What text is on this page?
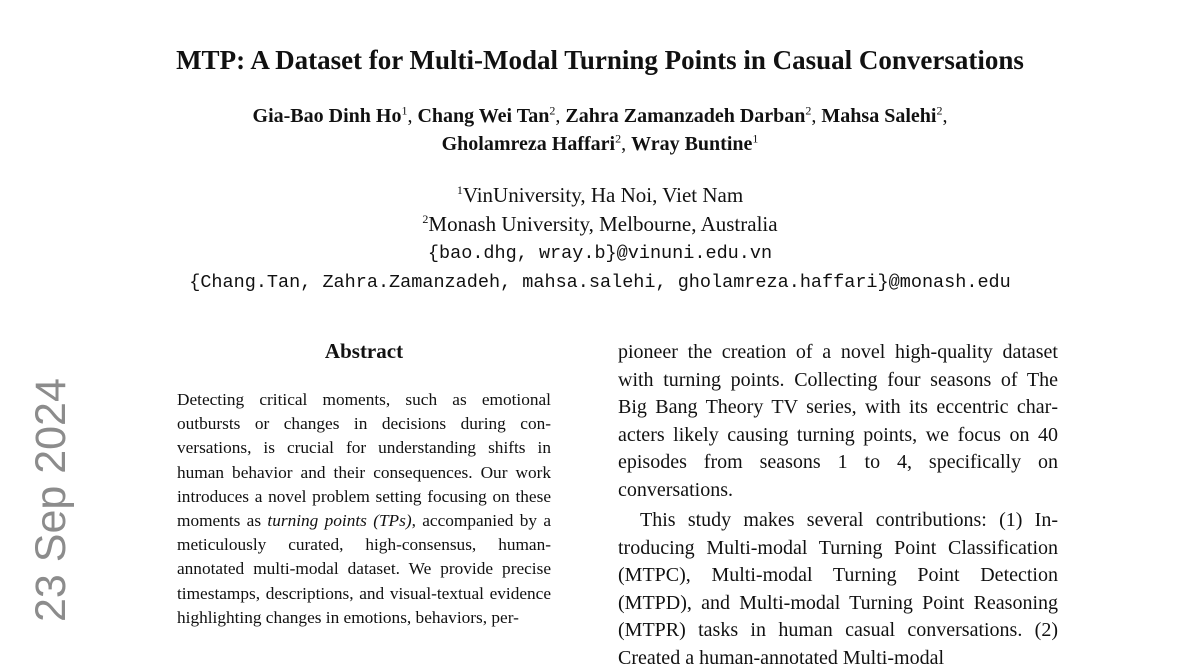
23 Sep 2024
MTP: A Dataset for Multi-Modal Turning Points in Casual Conversations
Gia-Bao Dinh Ho$^1$, Chang Wei Tan$^2$, Zahra Zamanzadeh Darban$^2$, Mahsa Salehi$^2$,
Gholamreza Haffari$^2$, Wray Buntine$^1$
$^1$VinUniversity, Ha Noi, Viet Nam
$^2$Monash University, Melbourne, Australia
{bao.dhg, wray.b}@vinuni.edu.vn
{Chang.Tan, Zahra.Zamanzadeh, mahsa.salehi, gholamreza.haffari}@monash.edu
Abstract
Detecting critical moments, such as emotional outbursts or changes in decisions during conversations, is crucial for understanding shifts in human behavior and their consequences. Our work introduces a novel problem setting focusing on these moments as turning points (TPs), accompanied by a meticulously curated, high-consensus, human-annotated multi-modal dataset. We provide precise timestamps, descriptions, and visual-textual evidence highlighting changes in emotions, behaviors, per-

pioneer the creation of a novel high-quality dataset with turning points. Collecting four seasons of The Big Bang Theory TV series, with its eccentric characters likely causing turning points, we focus on 40 episodes from seasons 1 to 4, specifically on conversations.

This study makes several contributions: (1) Introducing Multi-modal Turning Point Classification (MTPC), Multi-modal Turning Point Detection (MTPD), and Multi-modal Turning Point Reasoning (MTPR) tasks in human casual conversations. (2) Created a human-annotated Multi-modal
